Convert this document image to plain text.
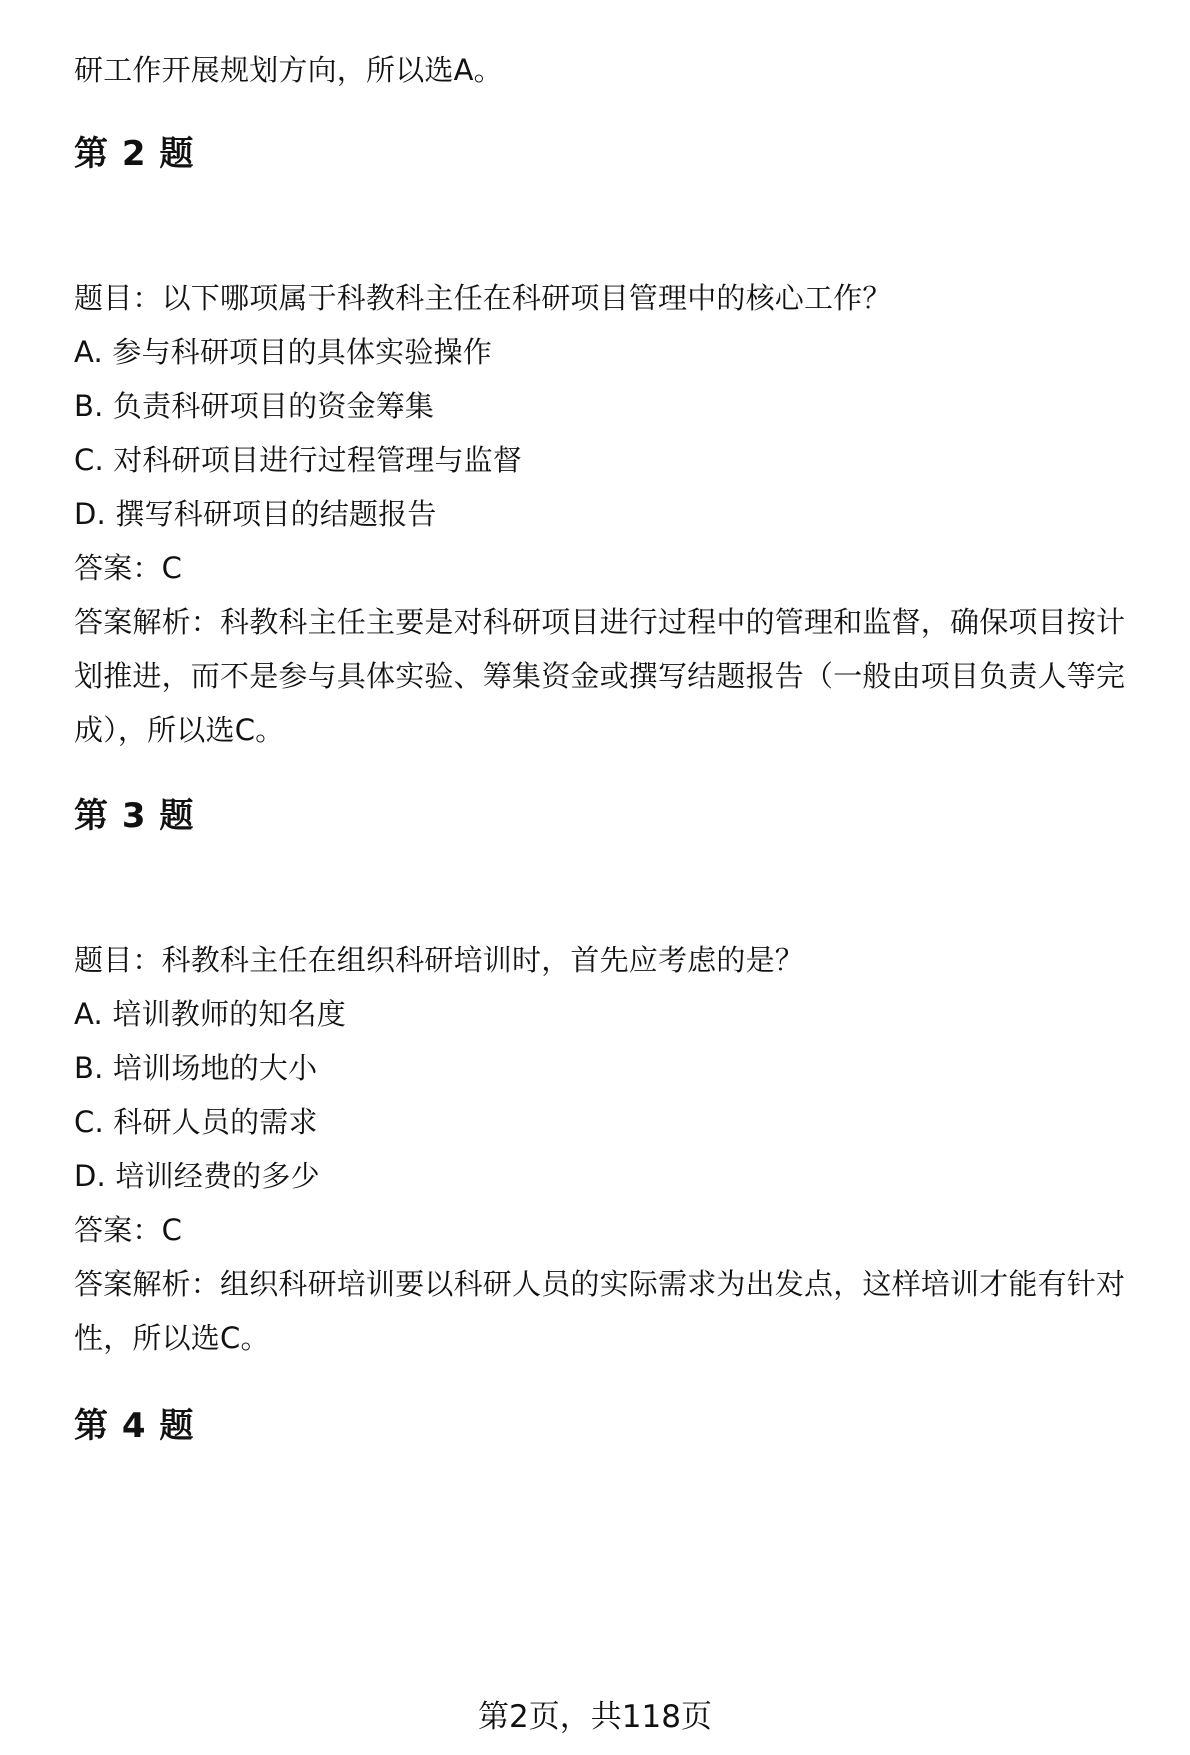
研工作开展规划方向，所以选A。
第 2 题
题目：以下哪项属于科教科主任在科研项目管理中的核心工作？
A. 参与科研项目的具体实验操作
B. 负责科研项目的资金筹集
C. 对科研项目进行过程管理与监督
D. 撰写科研项目的结题报告
答案：C
答案解析：科教科主任主要是对科研项目进行过程中的管理和监督，确保项目按计
划推进，而不是参与具体实验、筹集资金或撰写结题报告（一般由项目负责人等完
成），所以选C。
第 3 题
题目：科教科主任在组织科研培训时，首先应考虑的是？
A. 培训教师的知名度
B. 培训场地的大小
C. 科研人员的需求
D. 培训经费的多少
答案：C
答案解析：组织科研培训要以科研人员的实际需求为出发点，这样培训才能有针对
性，所以选C。
第 4 题
第2页，共118页
